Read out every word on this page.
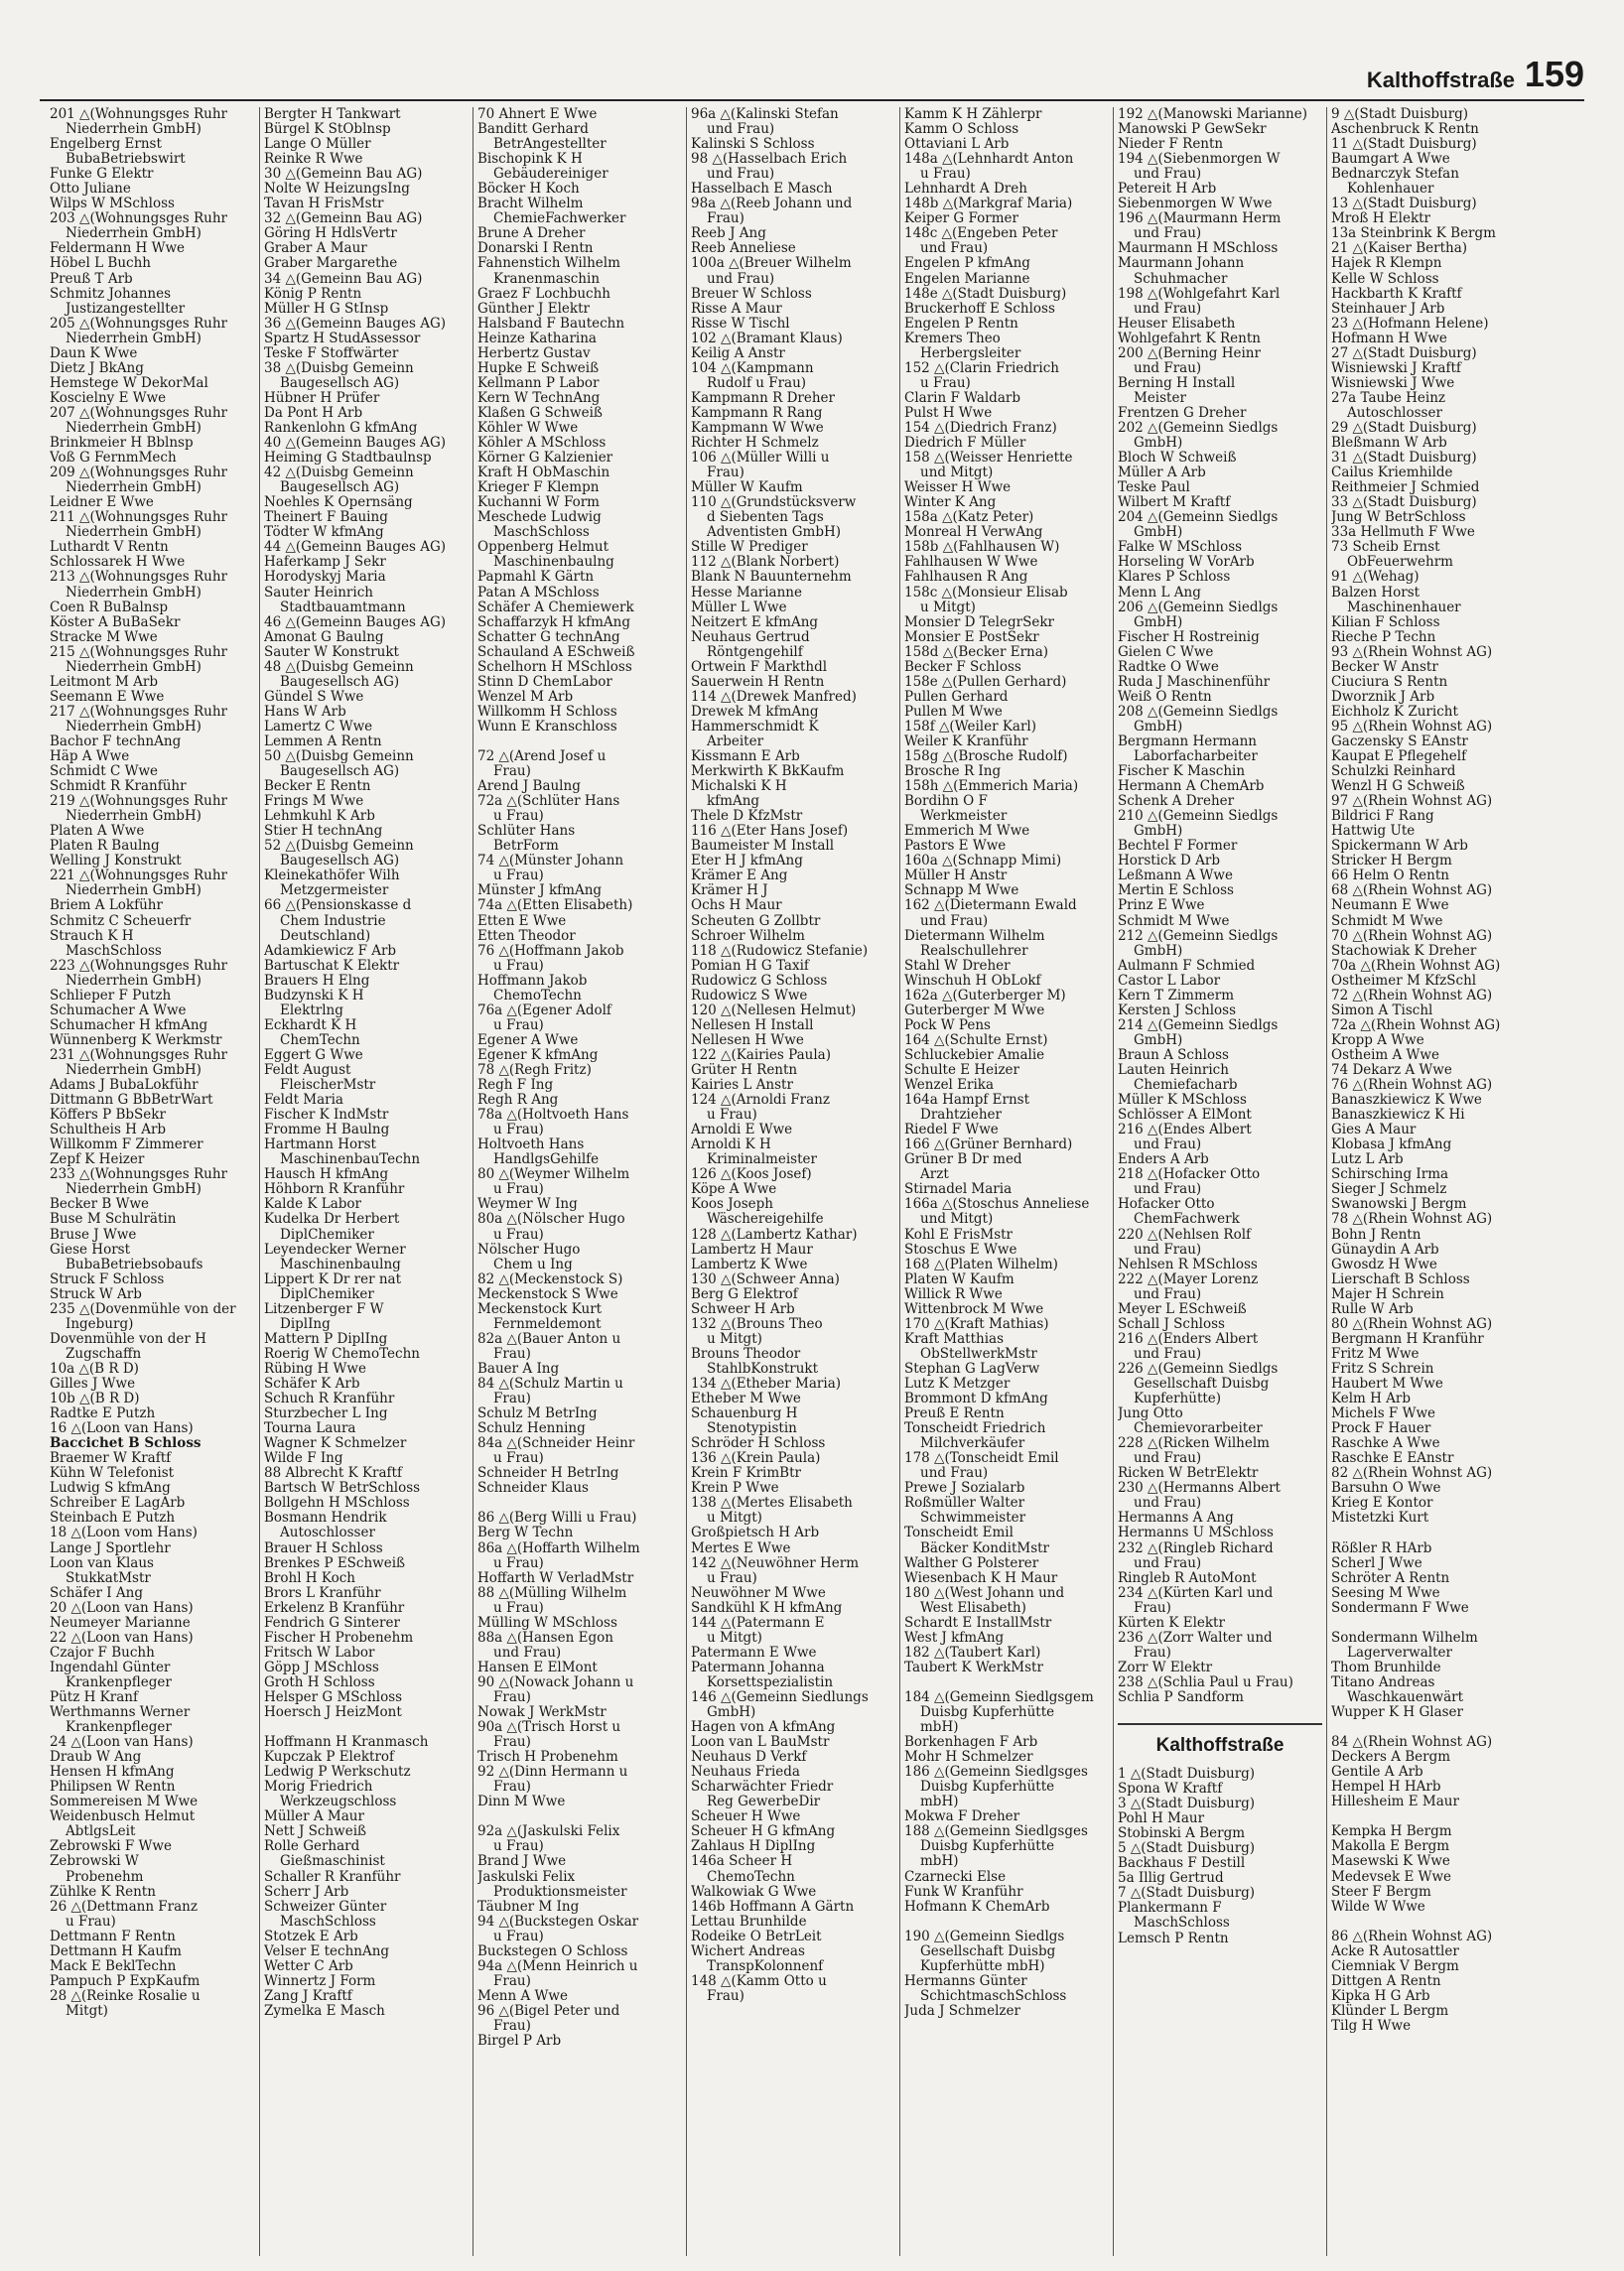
Kalthoffstraße 159
201 △(Wohnungsges Ruhr
Niederrhein GmbH)
Engelberg Ernst
BubaBetriebswirt
Funke G Elektr
Otto Juliane
Wilps W MSchloss
203 △(Wohnungsges Ruhr
Niederrhein GmbH)
Feldermann H Wwe
Höbel L Buchh
Preuß T Arb
Schmitz Johannes
Justizangestellter
205 △(Wohnungsges Ruhr
Niederrhein GmbH)
Daun K Wwe
Dietz J BkAng
Hemstege W DekorMal
Koscielny E Wwe
207 △(Wohnungsges Ruhr
Niederrhein GmbH)
Brinkmeier H Bblnsp
Voß G FernmMech
209 △(Wohnungsges Ruhr
Niederrhein GmbH)
Leidner E Wwe
211 △(Wohnungsges Ruhr
Niederrhein GmbH)
Luthardt V Rentn
Schlossarek H Wwe
213 △(Wohnungsges Ruhr
Niederrhein GmbH)
Coen R BuBalnsp
Köster A BuBaSekr
Stracke M Wwe
215 △(Wohnungsges Ruhr
Niederrhein GmbH)
Leitmont M Arb
Seemann E Wwe
217 △(Wohnungsges Ruhr
Niederrhein GmbH)
Bachor F technAng
Häp A Wwe
Schmidt C Wwe
Schmidt R Kranführ
219 △(Wohnungsges Ruhr
Niederrhein GmbH)
Platen A Wwe
Platen R Baulng
Welling J Konstrukt
221 △(Wohnungsges Ruhr
Niederrhein GmbH)
Briem A Lokführ
Schmitz C Scheuerfr
Strauch K H
MaschSchloss
223 △(Wohnungsges Ruhr
Niederrhein GmbH)
Schlieper F Putzh
Schumacher A Wwe
Schumacher H kfmAng
Wünnenberg K Werkmstr
231 △(Wohnungsges Ruhr
Niederrhein GmbH)
Adams J BubaLokführ
Dittmann G BbBetrWart
Köffers P BbSekr
Schultheis H Arb
Willkomm F Zimmerer
Zepf K Heizer
233 △(Wohnungsges Ruhr
Niederrhein GmbH)
Becker B Wwe
Buse M Schulrätin
Bruse J Wwe
Giese Horst
BubaBetriebsobaufs
Struck F Schloss
Struck W Arb
235 △(Dovenmühle von der
Ingeburg)
Dovenmühle von der H
Zugschaffn
10a △(B R D)
Gilles J Wwe
10b △(B R D)
Radtke E Putzh
16 △(Loon van Hans)
Baccichet B Schloss
Braemer W Kraftf
Kühn W Telefonist
Ludwig S kfmAng
Schreiber E LagArb
Steinbach E Putzh
18 △(Loon vom Hans)
Lange J Sportlehr
Loon van Klaus
StukkatMstr
Schäfer I Ang
20 △(Loon van Hans)
Neumeyer Marianne
22 △(Loon van Hans)
Czajor F Buchh
Ingendahl Günter
Krankenpfleger
Pütz H Kranf
Werthmanns Werner
Krankenpfleger
24 △(Loon van Hans)
Draub W Ang
Hensen H kfmAng
Philipsen W Rentn
Sommereisen M Wwe
Weidenbusch Helmut
AbtlgsLeit
Zebrowski F Wwe
Zebrowski W
Probenehm
Zühlke K Rentn
26 △(Dettmann Franz
u Frau)
Dettmann F Rentn
Dettmann H Kaufm
Mack E BeklTechn
Pampuch P ExpKaufm
28 △(Reinke Rosalie u
Mitgt)
Bergter H Tankwart
Bürgel K StOblnsp
Lange O Müller
Reinke R Wwe
30 △(Gemeinn Bau AG)
Nolte W HeizungsIng
Tavan H FrisMstr
32 △(Gemeinn Bau AG)
Göring H HdlsVertr
Graber A Maur
Graber Margarethe
34 △(Gemeinn Bau AG)
König P Rentn
Müller H G StInsp
36 △(Gemeinn Bauges AG)
Spartz H StudAssessor
Teske F Stoffwärter
38 △(Duisbg Gemeinn
Baugesellsch AG)
Hübner H Prüfer
Da Pont H Arb
Rankenlohn G kfmAng
40 △(Gemeinn Bauges AG)
Heiming G Stadtbaulnsp
42 △(Duisbg Gemeinn
Baugesellsch AG)
Noehles K Opernsäng
Theinert F Bauing
Tödter W kfmAng
44 △(Gemeinn Bauges AG)
Haferkamp J Sekr
Horodyskyj Maria
Sauter Heinrich
Stadtbauamtmann
46 △(Gemeinn Bauges AG)
Amonat G Baulng
Sauter W Konstrukt
48 △(Duisbg Gemeinn
Baugesellsch AG)
Gündel S Wwe
Hans W Arb
Lamertz C Wwe
Lemmen A Rentn
50 △(Duisbg Gemeinn
Baugesellsch AG)
Becker E Rentn
Frings M Wwe
Lehmkuhl K Arb
Stier H technAng
52 △(Duisbg Gemeinn
Baugesellsch AG)
Kleinekathöfer Wilh
Metzgermeister
66 △(Pensionskasse d
Chem Industrie
Deutschland)
Adamkiewicz F Arb
Bartuschat K Elektr
Brauers H Elng
Budzynski K H
Elektrlng
Eckhardt K H
ChemTechn
Eggert G Wwe
Feldt August
FleischerMstr
Feldt Maria
Fischer K IndMstr
Fromme H Baulng
Hartmann Horst
MaschinenbauTechn
Hausch H kfmAng
Höhborn R Kranführ
Kalde K Labor
Kudelka Dr Herbert
DiplChemiker
Leyendecker Werner
Maschinenbaulng
Lippert K Dr rer nat
DiplChemiker
Litzenberger F W
DiplIng
Mattern P DiplIng
Roerig W ChemoTechn
Rübing H Wwe
Schäfer K Arb
Schuch R Kranführ
Sturzbecher L Ing
Tourna Laura
Wagner K Schmelzer
Wilde F Ing
88 Albrecht K Kraftf
Bartsch W BetrSchloss
Bollgehn H MSchloss
Bosmann Hendrik
Autoschlosser
Brauer H Schloss
Brenkes P ESchweiß
Brohl H Koch
Brors L Kranführ
Erkelenz B Kranführ
Fendrich G Sinterer
Fischer H Probenehm
Fritsch W Labor
Göpp J MSchloss
Groth H Schloss
Helsper G MSchloss
Hoersch J HeizMont

Hoffmann H Kranmasch
Kupczak P Elektrof
Ledwig P Werkschutz
Morig Friedrich
Werkzeugschloss
Müller A Maur
Nett J Schweiß
Rolle Gerhard
Gießmaschinist
Schaller R Kranführ
Scherr J Arb
Schweizer Günter
MaschSchloss
Stotzek E Arb
Velser E technAng
Wetter C Arb
Winnertz J Form
Zang J Kraftf
Zymelka E Masch
70 Ahnert E Wwe
Banditt Gerhard
BetrAngestellter
Bischopink K H
Gebäudereiniger
Böcker H Koch
Bracht Wilhelm
ChemieFachwerker
Brune A Dreher
Donarski I Rentn
Fahnenstich Wilhelm
Kranenmaschin
Graez F Lochbuchh
Günther J Elektr
Halsband F Bautechn
Heinze Katharina
Herbertz Gustav
Hupke E Schweiß
Kellmann P Labor
Kern W TechnAng
Klaßen G Schweiß
Köhler W Wwe
Köhler A MSchloss
Körner G Kalzienier
Kraft H ObMaschin
Krieger F Klempn
Kuchanni W Form
Meschede Ludwig
MaschSchloss
Oppenberg Helmut
Maschinenbaulng
Papmahl K Gärtn
Patan A MSchloss
Schäfer A Chemiewerk
Schaffarzyk H kfmAng
Schatter G technAng
Schauland A ESchweiß
Schelhorn H MSchloss
Stinn D ChemLabor
Wenzel M Arb
Willkomm H Schloss
Wunn E Kranschloss

72 △(Arend Josef u
Frau)
Arend J Baulng
72a △(Schlüter Hans
u Frau)
Schlüter Hans
BetrForm
74 △(Münster Johann
u Frau)
Münster J kfmAng
74a △(Etten Elisabeth)
Etten E Wwe
Etten Theodor
76 △(Hoffmann Jakob
u Frau)
Hoffmann Jakob
ChemoTechn
76a △(Egener Adolf
u Frau)
Egener A Wwe
Egener K kfmAng
78 △(Regh Fritz)
Regh F Ing
Regh R Ang
78a △(Holtvoeth Hans
u Frau)
Holtvoeth Hans
HandlgsGehilfe
80 △(Weymer Wilhelm
u Frau)
Weymer W Ing
80a △(Nölscher Hugo
u Frau)
Nölscher Hugo
Chem u Ing
82 △(Meckenstock S)
Meckenstock S Wwe
Meckenstock Kurt
Fernmeldemont
82a △(Bauer Anton u
Frau)
Bauer A Ing
84 △(Schulz Martin u
Frau)
Schulz M BetrIng
Schulz Henning
84a △(Schneider Heinr
u Frau)
Schneider H BetrIng
Schneider Klaus

86 △(Berg Willi u Frau)
Berg W Techn
86a △(Hoffarth Wilhelm
u Frau)
Hoffarth W VerladMstr
88 △(Mülling Wilhelm
u Frau)
Mülling W MSchloss
88a △(Hansen Egon
und Frau)
Hansen E ElMont
90 △(Nowack Johann u
Frau)
Nowak J WerkMstr
90a △(Trisch Horst u
Frau)
Trisch H Probenehm
92 △(Dinn Hermann u
Frau)
Dinn M Wwe

92a △(Jaskulski Felix
u Frau)
Brand J Wwe
Jaskulski Felix
Produktionsmeister
Täubner M Ing
94 △(Buckstegen Oskar
u Frau)
Buckstegen O Schloss
94a △(Menn Heinrich u
Frau)
Menn A Wwe
96 △(Bigel Peter und
Frau)
Birgel P Arb
96a △(Kalinski Stefan
und Frau)
Kalinski S Schloss
98 △(Hasselbach Erich
und Frau)
Hasselbach E Masch
98a △(Reeb Johann und
Frau)
Reeb J Ang
Reeb Anneliese
100a △(Breuer Wilhelm
und Frau)
Breuer W Schloss
Risse A Maur
Risse W Tischl
102 △(Bramant Klaus)
Keilig A Anstr
104 △(Kampmann
Rudolf u Frau)
Kampmann R Dreher
Kampmann R Rang
Kampmann W Wwe
Richter H Schmelz
106 △(Müller Willi u
Frau)
Müller W Kaufm
110 △(Grundstücksverw
d Siebenten Tags
Adventisten GmbH)
Stille W Prediger
112 △(Blank Norbert)
Blank N Bauunternehm
Hesse Marianne
Müller L Wwe
Neitzert E kfmAng
Neuhaus Gertrud
Röntgengehilf
Ortwein F Markthdl
Sauerwein H Rentn
114 △(Drewek Manfred)
Drewek M kfmAng
Hammerschmidt K
Arbeiter
Kissmann E Arb
Merkwirth K BkKaufm
Michalski K H
kfmAng
Thele D KfzMstr
116 △(Eter Hans Josef)
Baumeister M Install
Eter H J kfmAng
Krämer E Ang
Krämer H J
Ochs H Maur
Scheuten G Zollbtr
Schroer Wilhelm
118 △(Rudowicz Stefanie)
Pomian H G Taxif
Rudowicz G Schloss
Rudowicz S Wwe
120 △(Nellesen Helmut)
Nellesen H Install
Nellesen H Wwe
122 △(Kairies Paula)
Grüter H Rentn
Kairies L Anstr
124 △(Arnoldi Franz
u Frau)
Arnoldi E Wwe
Arnoldi K H
Kriminalmeister
126 △(Koos Josef)
Köpe A Wwe
Koos Joseph
Wäschereigehilfe
128 △(Lambertz Kathar)
Lambertz H Maur
Lambertz K Wwe
130 △(Schweer Anna)
Berg G Elektrof
Schweer H Arb
132 △(Brouns Theo
u Mitgt)
Brouns Theodor
StahlbKonstrukt
134 △(Etheber Maria)
Etheber M Wwe
Schauenburg H
Stenotypistin
Schröder H Schloss
136 △(Krein Paula)
Krein F KrimBtr
Krein P Wwe
138 △(Mertes Elisabeth
u Mitgt)
Großpietsch H Arb
Mertes E Wwe
142 △(Neuwöhner Herm
u Frau)
Neuwöhner M Wwe
Sandkühl K H kfmAng
144 △(Patermann E
u Mitgt)
Patermann E Wwe
Patermann Johanna
Korsettspezialistin
146 △(Gemeinn Siedlungs
GmbH)
Hagen von A kfmAng
Loon van L BauMstr
Neuhaus D Verkf
Neuhaus Frieda
Scharwächter Friedr
Reg GewerbeDir
Scheuer H Wwe
Scheuer H G kfmAng
Zahlaus H DiplIng
146a Scheer H
ChemoTechn
Walkowiak G Wwe
146b Hoffmann A Gärtn
Lettau Brunhilde
Rodeike O BetrLeit
Wichert Andreas
TranspKolonnenf
148 △(Kamm Otto u
Frau)
Kamm K H Zählerpr
Kamm O Schloss
Ottaviani L Arb
148a △(Lehnhardt Anton
u Frau)
Lehnhardt A Dreh
148b △(Markgraf Maria)
Keiper G Former
148c △(Engeben Peter
und Frau)
Engelen P kfmAng
Engelen Marianne
148e △(Stadt Duisburg)
Bruckerhoff E Schloss
Engelen P Rentn
Kremers Theo
Herbergsleiter
152 △(Clarin Friedrich
u Frau)
Clarin F Waldarb
Pulst H Wwe
154 △(Diedrich Franz)
Diedrich F Müller
158 △(Weisser Henriette
und Mitgt)
Weisser H Wwe
Winter K Ang
158a △(Katz Peter)
Monreal H VerwAng
158b △(Fahlhausen W)
Fahlhausen W Wwe
Fahlhausen R Ang
158c △(Monsieur Elisab
u Mitgt)
Monsier D TelegrSekr
Monsier E PostSekr
158d △(Becker Erna)
Becker F Schloss
158e △(Pullen Gerhard)
Pullen Gerhard
Pullen M Wwe
158f △(Weiler Karl)
Weiler K Kranführ
158g △(Brosche Rudolf)
Brosche R Ing
158h △(Emmerich Maria)
Bordihn O F
Werkmeister
Emmerich M Wwe
Pastors E Wwe
160a △(Schnapp Mimi)
Müller H Anstr
Schnapp M Wwe
162 △(Dietermann Ewald
und Frau)
Dietermann Wilhelm
Realschullehrer
Stahl W Dreher
Winschuh H ObLokf
162a △(Guterberger M)
Guterberger M Wwe
Pock W Pens
164 △(Schulte Ernst)
Schluckebier Amalie
Schulte E Heizer
Wenzel Erika
164a Hampf Ernst
Drahtzieher
Riedel F Wwe
166 △(Grüner Bernhard)
Grüner B Dr med
Arzt
Stirnadel Maria
166a △(Stoschus Anneliese
und Mitgt)
Kohl E FrisMstr
Stoschus E Wwe
168 △(Platen Wilhelm)
Platen W Kaufm
Willick R Wwe
Wittenbrock M Wwe
170 △(Kraft Mathias)
Kraft Matthias
ObStellwerkMstr
Stephan G LagVerw
Lutz K Metzger
Brommont D kfmAng
Preuß E Rentn
Tonscheidt Friedrich
Milchverkäufer
178 △(Tonscheidt Emil
und Frau)
Prewe J Sozialarb
Roßmüller Walter
Schwimmeister
Tonscheidt Emil
Bäcker KonditMstr
Walther G Polsterer
Wiesenbach K H Maur
180 △(West Johann und
West Elisabeth)
Schardt E InstallMstr
West J kfmAng
182 △(Taubert Karl)
Taubert K WerkMstr

184 △(Gemeinn Siedlgsgem
Duisbg Kupferhütte
mbH)
Borkenhagen F Arb
Mohr H Schmelzer
186 △(Gemeinn Siedlgsges
Duisbg Kupferhütte
mbH)
Mokwa F Dreher
188 △(Gemeinn Siedlgsges
Duisbg Kupferhütte
mbH)
Czarnecki Else
Funk W Kranführ
Hofmann K ChemArb

190 △(Gemeinn Siedlgs
Gesellschaft Duisbg
Kupferhütte mbH)
Hermanns Günter
SchichtmaschSchloss
Juda J Schmelzer
192 △(Manowski Marianne)
Manowski P GewSekr
Nieder F Rentn
194 △(Siebenmorgen W
und Frau)
Petereit H Arb
Siebenmorgen W Wwe
196 △(Maurmann Herm
und Frau)
Maurmann H MSchloss
Maurmann Johann
Schuhmacher
198 △(Wohlgefahrt Karl
und Frau)
Heuser Elisabeth
Wohlgefahrt K Rentn
200 △(Berning Heinr
und Frau)
Berning H Install
Meister
Frentzen G Dreher
202 △(Gemeinn Siedlgs
GmbH)
Bloch W Schweiß
Müller A Arb
Teske Paul
Wilbert M Kraftf
204 △(Gemeinn Siedlgs
GmbH)
Falke W MSchloss
Horseling W VorArb
Klares P Schloss
Menn L Ang
206 △(Gemeinn Siedlgs
GmbH)
Fischer H Rostreinig
Gielen C Wwe
Radtke O Wwe
Ruda J Maschinenführ
Weiß O Rentn
208 △(Gemeinn Siedlgs
GmbH)
Bergmann Hermann
Laborfacharbeiter
Fischer K Maschin
Hermann A ChemArb
Schenk A Dreher
210 △(Gemeinn Siedlgs
GmbH)
Bechtel F Former
Horstick D Arb
Leßmann A Wwe
Mertin E Schloss
Prinz E Wwe
Schmidt M Wwe
212 △(Gemeinn Siedlgs
GmbH)
Aulmann F Schmied
Castor L Labor
Kern T Zimmerm
Kersten J Schloss
214 △(Gemeinn Siedlgs
GmbH)
Braun A Schloss
Lauten Heinrich
Chemiefacharb
Müller K MSchloss
Schlösser A ElMont
216 △(Endes Albert
und Frau)
Enders A Arb
218 △(Hofacker Otto
und Frau)
Hofacker Otto
ChemFachwerk
220 △(Nehlsen Rolf
und Frau)
Nehlsen R MSchloss
222 △(Mayer Lorenz
und Frau)
Meyer L ESchweiß
Schall J Schloss
216 △(Enders Albert
und Frau)
226 △(Gemeinn Siedlgs
Gesellschaft Duisbg
Kupferhütte)
Jung Otto
Chemievorarbeiter
228 △(Ricken Wilhelm
und Frau)
Ricken W BetrElektr
230 △(Hermanns Albert
und Frau)
Hermanns A Ang
Hermanns U MSchloss
232 △(Ringleb Richard
und Frau)
Ringleb R AutoMont
234 △(Kürten Karl und
Frau)
Kürten K Elektr
236 △(Zorr Walter und
Frau)
Zorr W Elektr
238 △(Schlia Paul u Frau)
Schlia P Sandform
Kalthoffstraße
1 △(Stadt Duisburg)
Spona W Kraftf
3 △(Stadt Duisburg)
Pohl H Maur
Stobinski A Bergm
5 △(Stadt Duisburg)
Backhaus F Destill
5a Illig Gertrud
7 △(Stadt Duisburg)
Plankermann F
MaschSchloss
Lemsch P Rentn
9 △(Stadt Duisburg)
Aschenbruck K Rentn
11 △(Stadt Duisburg)
Baumgart A Wwe
Bednarczyk Stefan
Kohlenhauer
13 △(Stadt Duisburg)
Mroß H Elektr
13a Steinbrink K Bergm
21 △(Kaiser Bertha)
Hajek R Klempn
Kelle W Schloss
Hackbarth K Kraftf
Steinhauer J Arb
23 △(Hofmann Helene)
Hofmann H Wwe
27 △(Stadt Duisburg)
Wisniewski J Kraftf
Wisniewski J Wwe
27a Taube Heinz
Autoschlosser
29 △(Stadt Duisburg)
Bleßmann W Arb
31 △(Stadt Duisburg)
Cailus Kriemhilde
Reithmeier J Schmied
33 △(Stadt Duisburg)
Jung W BetrSchloss
33a Hellmuth F Wwe
73 Scheib Ernst
ObFeuerwehrm
91 △(Wehag)
Balzen Horst
Maschinenhauer
Kilian F Schloss
Rieche P Techn
93 △(Rhein Wohnst AG)
Becker W Anstr
Ciuciura S Rentn
Dworznik J Arb
Eichholz K Zuricht
95 △(Rhein Wohnst AG)
Gaczensky S EAnstr
Kaupat E Pflegehelf
Schulzki Reinhard
Wenzl H G Schweiß
97 △(Rhein Wohnst AG)
Bildrici F Rang
Hattwig Ute
Spickermann W Arb
Stricker H Bergm
66 Helm O Rentn
68 △(Rhein Wohnst AG)
Neumann E Wwe
Schmidt M Wwe
70 △(Rhein Wohnst AG)
Stachowiak K Dreher
70a △(Rhein Wohnst AG)
Ostheimer M KfzSchl
72 △(Rhein Wohnst AG)
Simon A Tischl
72a △(Rhein Wohnst AG)
Kropp A Wwe
Ostheim A Wwe
74 Dekarz A Wwe
76 △(Rhein Wohnst AG)
Banaszkiewicz K Wwe
Banaszkiewicz K Hi
Gies A Maur
Klobasa J kfmAng
Lutz L Arb
Schirsching Irma
Sieger J Schmelz
Swanowski J Bergm
78 △(Rhein Wohnst AG)
Bohn J Rentn
Günaydin A Arb
Gwosdz H Wwe
Lierschaft B Schloss
Majer H Schrein
Rulle W Arb
80 △(Rhein Wohnst AG)
Bergmann H Kranführ
Fritz M Wwe
Fritz S Schrein
Haubert M Wwe
Kelm H Arb
Michels F Wwe
Prock F Hauer
Raschke A Wwe
Raschke E EAnstr
82 △(Rhein Wohnst AG)
Barsuhn O Wwe
Krieg E Kontor
Mistetzki Kurt

Rößler R HArb
Scherl J Wwe
Schröter A Rentn
Seesing M Wwe
Sondermann F Wwe

Sondermann Wilhelm
Lagerverwalter
Thom Brunhilde
Titano Andreas
Waschkauenwärt
Wupper K H Glaser

84 △(Rhein Wohnst AG)
Deckers A Bergm
Gentile A Arb
Hempel H HArb
Hillesheim E Maur

Kempka H Bergm
Makolla E Bergm
Masewski K Wwe
Medevsek E Wwe
Steer F Bergm
Wilde W Wwe

86 △(Rhein Wohnst AG)
Acke R Autosattler
Ciemniak V Bergm
Dittgen A Rentn
Kipka H G Arb
Klünder L Bergm
Tilg H Wwe
